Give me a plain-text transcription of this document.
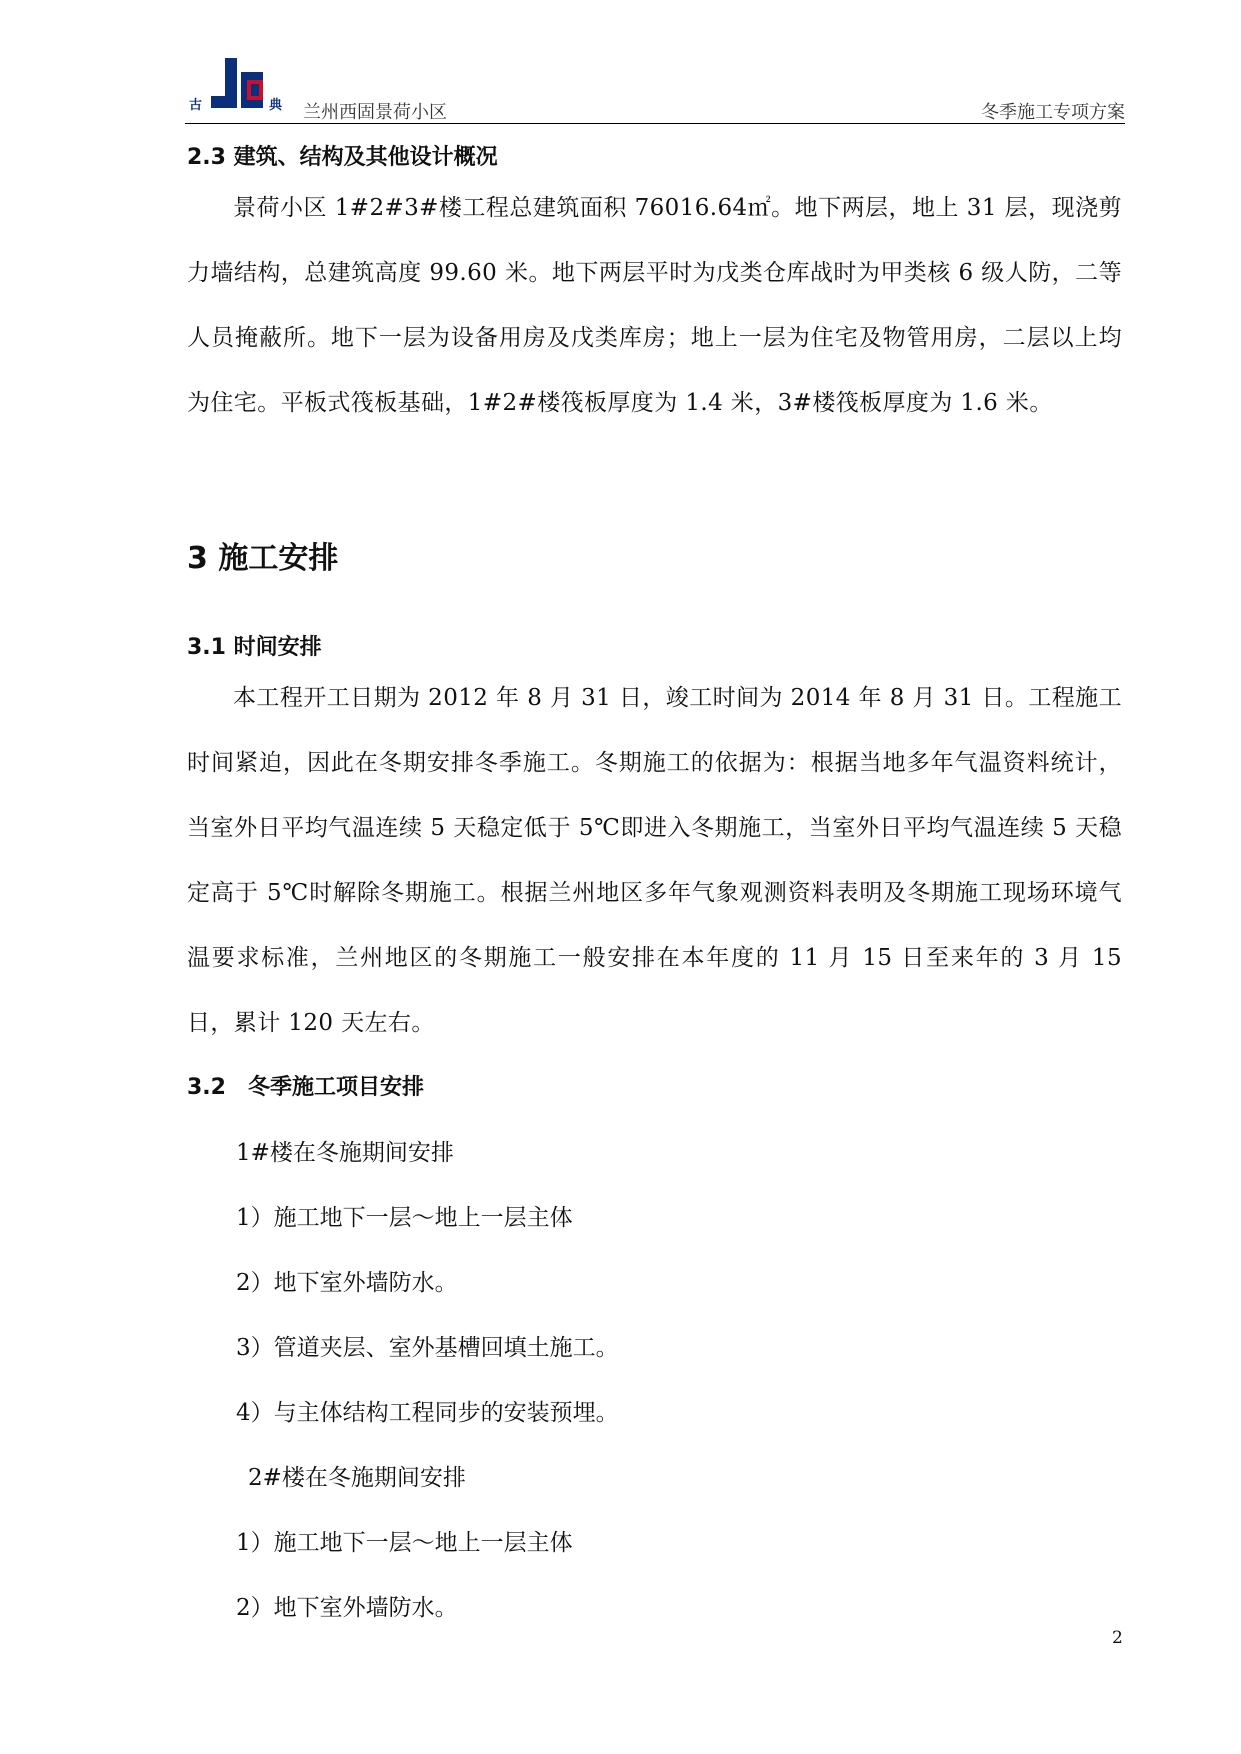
古	典 兰州西固景荷小区	冬季施工专项方案
2.3 建筑、结构及其他设计概况
景荷小区 1#2#3#楼工程总建筑面积 76016.64㎡。地下两层，地上 31 层，现浇剪力墙结构，总建筑高度 99.60 米。地下两层平时为戊类仓库战时为甲类核 6 级人防，二等人员掩蔽所。地下一层为设备用房及戊类库房；地上一层为住宅及物管用房，二层以上均为住宅。平板式筏板基础，1#2#楼筏板厚度为 1.4 米，3#楼筏板厚度为 1.6 米。
3 施工安排
3.1 时间安排
本工程开工日期为 2012 年 8 月 31 日，竣工时间为 2014 年 8 月 31 日。工程施工时间紧迫，因此在冬期安排冬季施工。冬期施工的依据为：根据当地多年气温资料统计，当室外日平均气温连续 5 天稳定低于 5℃即进入冬期施工，当室外日平均气温连续 5 天稳定高于 5℃时解除冬期施工。根据兰州地区多年气象观测资料表明及冬期施工现场环境气温要求标准，兰州地区的冬期施工一般安排在本年度的 11 月 15 日至来年的 3 月 15 日，累计 120 天左右。
3.2　冬季施工项目安排
1#楼在冬施期间安排
1）施工地下一层～地上一层主体
2）地下室外墙防水。
3）管道夹层、室外基槽回填土施工。
4）与主体结构工程同步的安装预埋。
2#楼在冬施期间安排
1）施工地下一层～地上一层主体
2）地下室外墙防水。
2
